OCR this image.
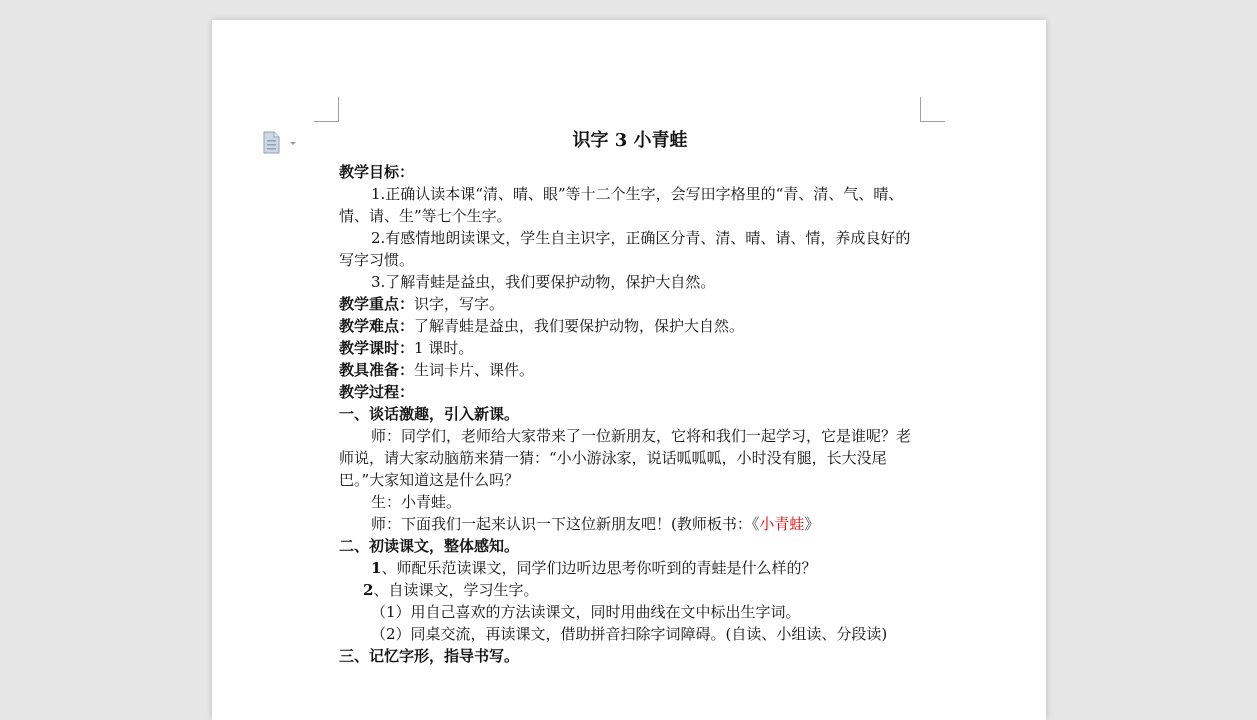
识字 3 小青蛙

教学目标：

1.正确认读本课“清、晴、眼”等十二个生字，会写田字格里的“青、清、气、晴、情、请、生”等七个生字。

2.有感情地朗读课文，学生自主识字，正确区分青、清、晴、请、情，养成良好的写字习惯。

3.了解青蛙是益虫，我们要保护动物，保护大自然。

教学重点：识字，写字。

教学难点：了解青蛙是益虫，我们要保护动物，保护大自然。

教学课时：1 课时。

教具准备：生词卡片、课件。

教学过程：

一、谈话激趣，引入新课。

师：同学们，老师给大家带来了一位新朋友，它将和我们一起学习，它是谁呢？老师说，请大家动脑筋来猜一猜：“小小游泳家，说话呱呱呱，小时没有腿，长大没尾巴。”大家知道这是什么吗？

生：小青蛙。

师：下面我们一起来认识一下这位新朋友吧！(教师板书：《小青蛙》

二、初读课文，整体感知。

1、师配乐范读课文，同学们边听边思考你听到的青蛙是什么样的？

2、自读课文，学习生字。

（1）用自己喜欢的方法读课文，同时用曲线在文中标出生字词。

（2）同桌交流，再读课文，借助拼音扫除字词障碍。(自读、小组读、分段读)

三、记忆字形，指导书写。
